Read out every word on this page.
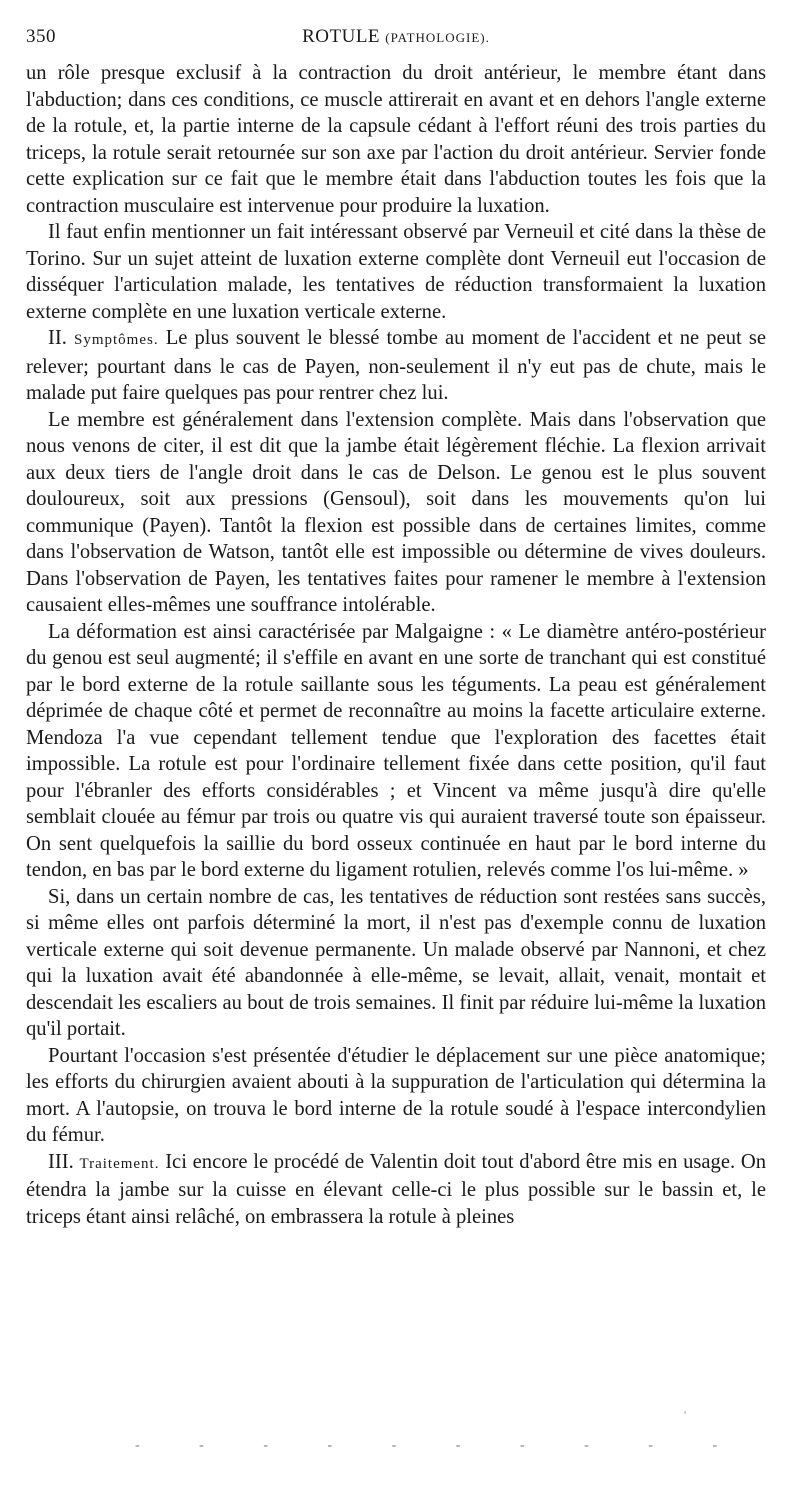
350	ROTULE (PATHOLOGIE).

un rôle presque exclusif à la contraction du droit antérieur, le membre étant dans l'abduction; dans ces conditions, ce muscle attirerait en avant et en dehors l'angle externe de la rotule, et, la partie interne de la capsule cédant à l'effort réuni des trois parties du triceps, la rotule serait retournée sur son axe par l'action du droit antérieur. Servier fonde cette explication sur ce fait que le membre était dans l'abduction toutes les fois que la contraction musculaire est intervenue pour produire la luxation.

Il faut enfin mentionner un fait intéressant observé par Verneuil et cité dans la thèse de Torino. Sur un sujet atteint de luxation externe complète dont Verneuil eut l'occasion de disséquer l'articulation malade, les tentatives de réduction transformaient la luxation externe complète en une luxation verticale externe.

II. Symptômes. Le plus souvent le blessé tombe au moment de l'accident et ne peut se relever; pourtant dans le cas de Payen, non-seulement il n'y eut pas de chute, mais le malade put faire quelques pas pour rentrer chez lui.

Le membre est généralement dans l'extension complète. Mais dans l'observation que nous venons de citer, il est dit que la jambe était légèrement fléchie. La flexion arrivait aux deux tiers de l'angle droit dans le cas de Delson. Le genou est le plus souvent douloureux, soit aux pressions (Gensoul), soit dans les mouvements qu'on lui communique (Payen). Tantôt la flexion est possible dans de certaines limites, comme dans l'observation de Watson, tantôt elle est impossible ou détermine de vives douleurs. Dans l'observation de Payen, les tentatives faites pour ramener le membre à l'extension causaient elles-mêmes une souffrance intolérable.

La déformation est ainsi caractérisée par Malgaigne : « Le diamètre antéro-postérieur du genou est seul augmenté; il s'effile en avant en une sorte de tranchant qui est constitué par le bord externe de la rotule saillante sous les téguments. La peau est généralement déprimée de chaque côté et permet de reconnaître au moins la facette articulaire externe. Mendoza l'a vue cependant tellement tendue que l'exploration des facettes était impossible. La rotule est pour l'ordinaire tellement fixée dans cette position, qu'il faut pour l'ébranler des efforts considérables ; et Vincent va même jusqu'à dire qu'elle semblait clouée au fémur par trois ou quatre vis qui auraient traversé toute son épaisseur. On sent quelquefois la saillie du bord osseux continuée en haut par le bord interne du tendon, en bas par le bord externe du ligament rotulien, relevés comme l'os lui-même. »

Si, dans un certain nombre de cas, les tentatives de réduction sont restées sans succès, si même elles ont parfois déterminé la mort, il n'est pas d'exemple connu de luxation verticale externe qui soit devenue permanente. Un malade observé par Nannoni, et chez qui la luxation avait été abandonnée à elle-même, se levait, allait, venait, montait et descendait les escaliers au bout de trois semaines. Il finit par réduire lui-même la luxation qu'il portait.

Pourtant l'occasion s'est présentée d'étudier le déplacement sur une pièce anatomique; les efforts du chirurgien avaient abouti à la suppuration de l'articulation qui détermina la mort. A l'autopsie, on trouva le bord interne de la rotule soudé à l'espace intercondylien du fémur.

III. Traitement. Ici encore le procédé de Valentin doit tout d'abord être mis en usage. On étendra la jambe sur la cuisse en élevant celle-ci le plus possible sur le bassin et, le triceps étant ainsi relâché, on embrassera la rotule à pleines

'
- - - - - - - - - -
